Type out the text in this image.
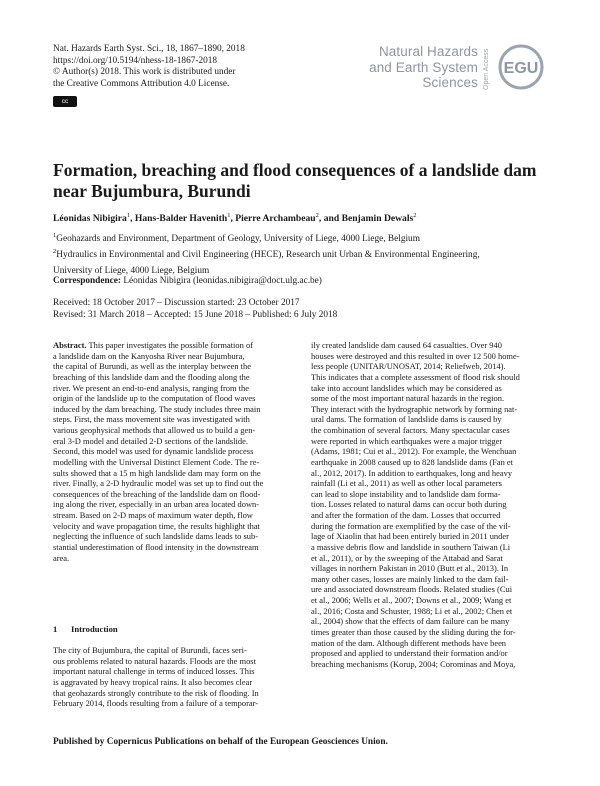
Nat. Hazards Earth Syst. Sci., 18, 1867–1890, 2018
https://doi.org/10.5194/nhess-18-1867-2018
© Author(s) 2018. This work is distributed under
the Creative Commons Attribution 4.0 License.
cc
Natural Hazards
and Earth System
Sciences Open Access EGU
Formation, breaching and flood consequences of a landslide dam
near Bujumbura, Burundi
Léonidas Nibigira$^1$, Hans-Balder Havenith$^1$, Pierre Archambeau$^2$, and Benjamin Dewals$^2$
$^1$Geohazards and Environment, Department of Geology, University of Liege, 4000 Liege, Belgium
$^2$Hydraulics in Environmental and Civil Engineering (HECE), Research unit Urban & Environmental Engineering,
University of Liege, 4000 Liege, Belgium
Correspondence: Léonidas Nibigira (leonidas.nibigira@doct.ulg.ac.be)
Received: 18 October 2017 – Discussion started: 23 October 2017
Revised: 31 March 2018 – Accepted: 15 June 2018 – Published: 6 July 2018
Abstract. This paper investigates the possible formation of
a landslide dam on the Kanyosha River near Bujumbura,
the capital of Burundi, as well as the interplay between the
breaching of this landslide dam and the flooding along the
river. We present an end-to-end analysis, ranging from the
origin of the landslide up to the computation of flood waves
induced by the dam breaching. The study includes three main
steps. First, the mass movement site was investigated with
various geophysical methods that allowed us to build a gen-
eral 3-D model and detailed 2-D sections of the landslide.
Second, this model was used for dynamic landslide process
modelling with the Universal Distinct Element Code. The re-
sults showed that a 15 m high landslide dam may form on the
river. Finally, a 2-D hydraulic model was set up to find out the
consequences of the breaching of the landslide dam on flood-
ing along the river, especially in an urban area located down-
stream. Based on 2-D maps of maximum water depth, flow
velocity and wave propagation time, the results highlight that
neglecting the influence of such landslide dams leads to sub-
stantial underestimation of flood intensity in the downstream
area.
1 Introduction
The city of Bujumbura, the capital of Burundi, faces seri-
ous problems related to natural hazards. Floods are the most
important natural challenge in terms of induced losses. This
is aggravated by heavy tropical rains. It also becomes clear
that geohazards strongly contribute to the risk of flooding. In
February 2014, floods resulting from a failure of a temporar-
ily created landslide dam caused 64 casualties. Over 940
houses were destroyed and this resulted in over 12 500 home-
less people (UNITAR/UNOSAT, 2014; Reliefweb, 2014).
This indicates that a complete assessment of flood risk should
take into account landslides which may be considered as
some of the most important natural hazards in the region.
They interact with the hydrographic network by forming nat-
ural dams. The formation of landslide dams is caused by
the combination of several factors. Many spectacular cases
were reported in which earthquakes were a major trigger
(Adams, 1981; Cui et al., 2012). For example, the Wenchuan
earthquake in 2008 caused up to 828 landslide dams (Fan et
al., 2012, 2017). In addition to earthquakes, long and heavy
rainfall (Li et al., 2011) as well as other local parameters
can lead to slope instability and to landslide dam forma-
tion. Losses related to natural dams can occur both during
and after the formation of the dam. Losses that occurred
during the formation are exemplified by the case of the vil-
lage of Xiaolin that had been entirely buried in 2011 under
a massive debris flow and landslide in southern Taiwan (Li
et al., 2011), or by the sweeping of the Attabad and Sarat
villages in northern Pakistan in 2010 (Butt et al., 2013). In
many other cases, losses are mainly linked to the dam fail-
ure and associated downstream floods. Related studies (Cui
et al., 2006; Wells et al., 2007; Downs et al., 2009; Wang et
al., 2016; Costa and Schuster, 1988; Li et al., 2002; Chen et
al., 2004) show that the effects of dam failure can be many
times greater than those caused by the sliding during the for-
mation of the dam. Although different methods have been
proposed and applied to understand their formation and/or
breaching mechanisms (Korup, 2004; Corominas and Moya,
Published by Copernicus Publications on behalf of the European Geosciences Union.
